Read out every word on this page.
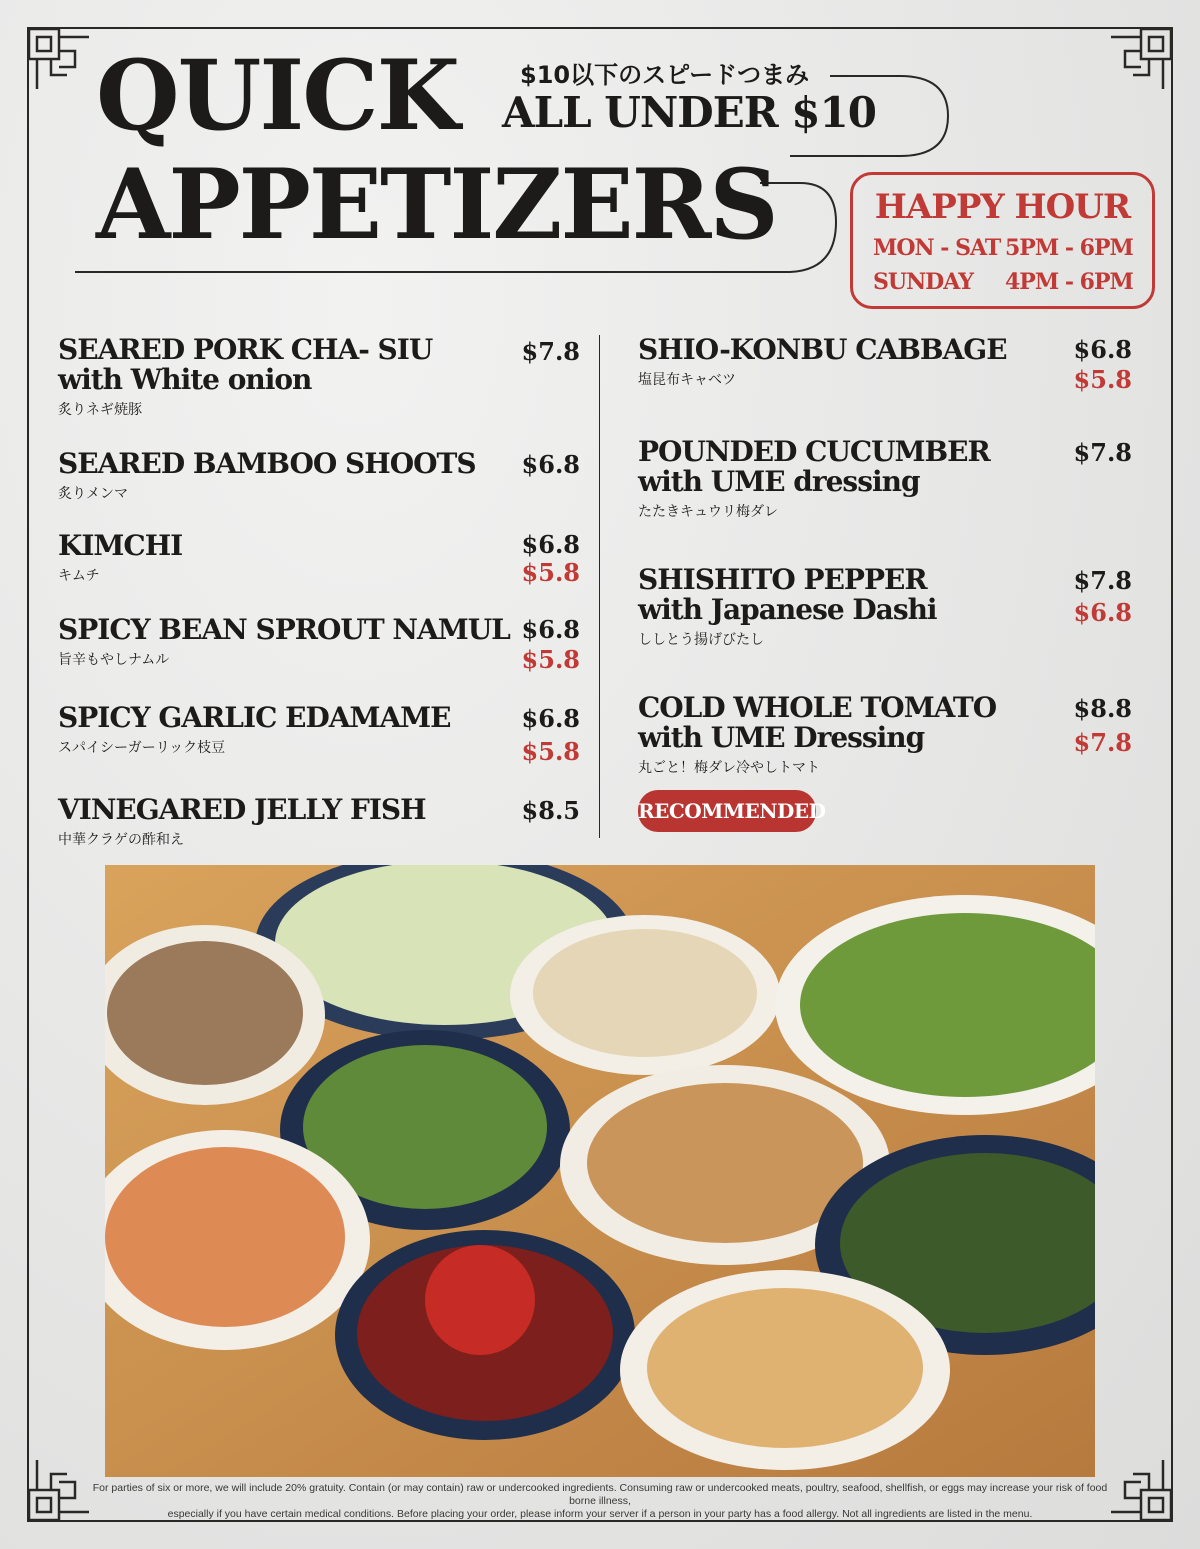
QUICK
APPETIZERS
$10以下のスピードつまみ
ALL UNDER $10
HAPPY HOUR
MON - SAT 5PM - 6PM
SUNDAY 4PM - 6PM
SEARED PORK CHA- SIU
with White onion
炙りネギ焼豚
$7.8
SEARED BAMBOO SHOOTS
炙りメンマ
$6.8
KIMCHI
キムチ
$6.8
$5.8
SPICY BEAN SPROUT NAMUL
旨辛もやしナムル
$6.8
$5.8
SPICY GARLIC EDAMAME
スパイシーガーリック枝豆
$6.8
$5.8
VINEGARED JELLY FISH
中華クラゲの酢和え
$8.5
SHIO-KONBU CABBAGE
塩昆布キャベツ
$6.8
$5.8
POUNDED CUCUMBER
with UME dressing
たたきキュウリ梅ダレ
$7.8
SHISHITO PEPPER
with Japanese Dashi
ししとう揚げびたし
$7.8
$6.8
COLD WHOLE TOMATO
with UME Dressing
丸ごと！梅ダレ冷やしトマト
$8.8
$7.8
RECOMMENDED
For parties of six or more, we will include 20% gratuity. Contain (or may contain) raw or undercooked ingredients. Consuming raw or undercooked meats, poultry, seafood, shellfish, or eggs may increase your risk of food borne illness,
especially if you have certain medical conditions. Before placing your order, please inform your server if a person in your party has a food allergy. Not all ingredients are listed in the menu.
